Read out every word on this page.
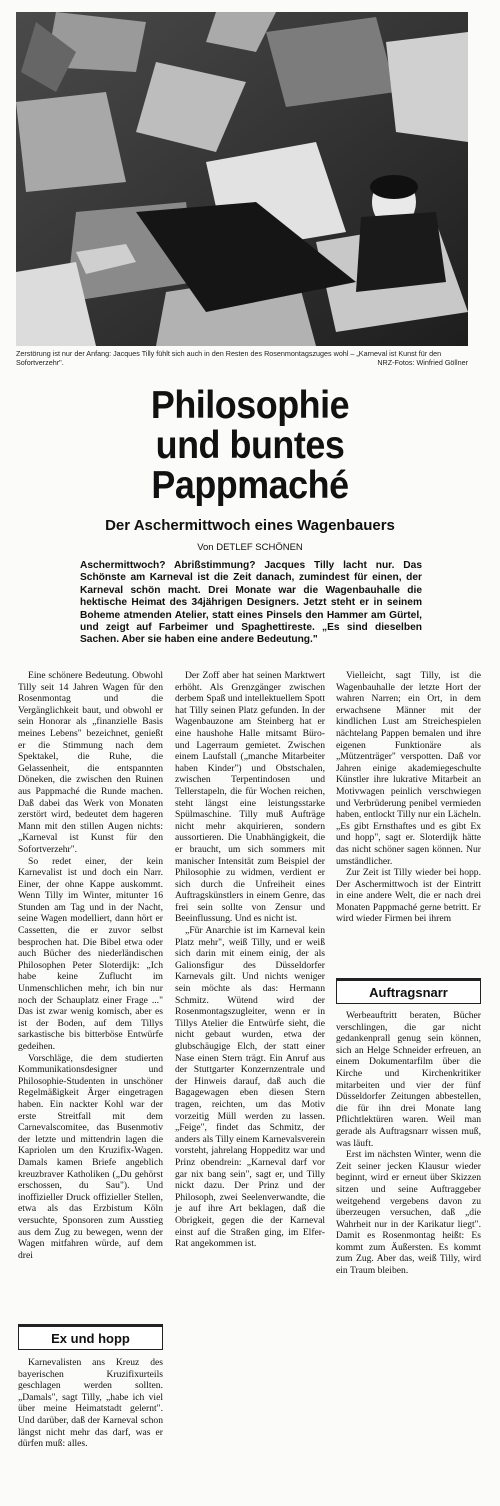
Zerstörung ist nur der Anfang: Jacques Tilly fühlt sich auch in den Resten des Rosenmontagszuges wohl – „Karneval ist Kunst für den Sofortverzehr".	NRZ-Fotos: Winfried Göllner
Philosophie
und buntes
Pappmaché
Der Aschermittwoch eines Wagenbauers
Von DETLEF SCHÖNEN
Aschermittwoch? Abrißstimmung? Jacques Tilly lacht nur. Das Schönste am Karneval ist die Zeit danach, zumindest für einen, der Karneval schön macht. Drei Monate war die Wagenbauhalle die hektische Heimat des 34jährigen Designers. Jetzt steht er in seinem Boheme atmenden Atelier, statt eines Pinsels den Hammer am Gürtel, und zeigt auf Farbeimer und Spaghettireste. „Es sind dieselben Sachen. Aber sie haben eine andere Bedeutung."

Eine schönere Bedeutung. Obwohl Tilly seit 14 Jahren Wagen für den Rosenmontag und die Vergänglichkeit baut, und obwohl er sein Honorar als „finanzielle Basis meines Lebens" bezeichnet, genießt er die Stimmung nach dem Spektakel, die Ruhe, die Gelassenheit, die entspannten Döneken, die zwischen den Ruinen aus Pappmaché die Runde machen. Daß dabei das Werk von Monaten zerstört wird, bedeutet dem hageren Mann mit den stillen Augen nichts: „Karneval ist Kunst für den Sofortverzehr".

So redet einer, der kein Karnevalist ist und doch ein Narr. Einer, der ohne Kappe auskommt. Wenn Tilly im Winter, mitunter 16 Stunden am Tag und in der Nacht, seine Wagen modelliert, dann hört er Cassetten, die er zuvor selbst besprochen hat. Die Bibel etwa oder auch Bücher des niederländischen Philosophen Peter Sloterdijk: „Ich habe keine Zuflucht im Unmenschlichen mehr, ich bin nur noch der Schauplatz einer Frage ..." Das ist zwar wenig komisch, aber es ist der Boden, auf dem Tillys sarkastische bis bitterböse Entwürfe gedeihen.

Vorschläge, die dem studierten Kommunikationsdesigner und Philosophie-Studenten in unschöner Regelmäßigkeit Ärger eingetragen haben. Ein nackter Kohl war der erste Streitfall mit dem Carnevalscomitee, das Busenmotiv der letzte und mittendrin lagen die Kapriolen um den Kruzifix-Wagen. Damals kamen Briefe angeblich kreuzbraver Katholiken („Du gehörst erschossen, du Sau"). Und inoffizieller Druck offizieller Stellen, etwa als das Erzbistum Köln versuchte, Sponsoren zum Ausstieg aus dem Zug zu bewegen, wenn der Wagen mitfahren würde, auf dem drei

Ex und hopp

Karnevalisten ans Kreuz des bayerischen Kruzifixurteils geschlagen werden sollten. „Damals", sagt Tilly, „habe ich viel über meine Heimatstadt gelernt". Und darüber, daß der Karneval schon längst nicht mehr das darf, was er dürfen muß: alles.

Der Zoff aber hat seinen Marktwert erhöht. Als Grenzgänger zwischen derbem Spaß und intellektuellem Spott hat Tilly seinen Platz gefunden. In der Wagenbauzone am Steinberg hat er eine haushohe Halle mitsamt Büro- und Lagerraum gemietet. Zwischen einem Laufstall („manche Mitarbeiter haben Kinder") und Obstschalen, zwischen Terpentindosen und Tellerstapeln, die für Wochen reichen, steht längst eine leistungsstarke Spülmaschine. Tilly muß Aufträge nicht mehr akquirieren, sondern aussortieren. Die Unabhängigkeit, die er braucht, um sich sommers mit manischer Intensität zum Beispiel der Philosophie zu widmen, verdient er sich durch die Unfreiheit eines Auftragskünstlers in einem Genre, das frei sein sollte von Zensur und Beeinflussung. Und es nicht ist.

„Für Anarchie ist im Karneval kein Platz mehr", weiß Tilly, und er weiß sich darin mit einem einig, der als Galionsfigur des Düsseldorfer Karnevals gilt. Und nichts weniger sein möchte als das: Hermann Schmitz. Wütend wird der Rosenmontagszugleiter, wenn er in Tillys Atelier die Entwürfe sieht, die nicht gebaut wurden, etwa der glubschäugige Elch, der statt einer Nase einen Stern trägt. Ein Anruf aus der Stuttgarter Konzernzentrale und der Hinweis darauf, daß auch die Bagagewagen eben diesen Stern tragen, reichten, um das Motiv vorzeitig Müll werden zu lassen. „Feige", findet das Schmitz, der anders als Tilly einem Karnevalsverein vorsteht, jahrelang Hoppeditz war und Prinz obendrein: „Karneval darf vor gar nix bang sein", sagt er, und Tilly nickt dazu. Der Prinz und der Philosoph, zwei Seelenverwandte, die je auf ihre Art beklagen, daß die Obrigkeit, gegen die der Karneval einst auf die Straßen ging, im Elfer-Rat angekommen ist.

Vielleicht, sagt Tilly, ist die Wagenbauhalle der letzte Hort der wahren Narren; ein Ort, in dem erwachsene Männer mit der kindlichen Lust am Streichespielen nächtelang Pappen bemalen und ihre eigenen Funktionäre als „Mützenträger" verspotten. Daß vor Jahren einige akademiegeschulte Künstler ihre lukrative Mitarbeit an Motivwagen peinlich verschwiegen und Verbrüderung penibel vermieden haben, entlockt Tilly nur ein Lächeln. „Es gibt Ernsthaftes und es gibt Ex und hopp", sagt er. Sloterdijk hätte das nicht schöner sagen können. Nur umständlicher.

Zur Zeit ist Tilly wieder bei hopp. Der Aschermittwoch ist der Eintritt in eine andere Welt, die er nach drei Monaten Pappmaché gerne betritt. Er wird wieder Firmen bei ihrem

Auftragsnarr

Werbeauftritt beraten, Bücher verschlingen, die gar nicht gedankenprall genug sein können, sich an Helge Schneider erfreuen, an einem Dokumentarfilm über die Kirche und Kirchenkritiker mitarbeiten und vier der fünf Düsseldorfer Zeitungen abbestellen, die für ihn drei Monate lang Pflichtlektüren waren. Weil man gerade als Auftragsnarr wissen muß, was läuft.

Erst im nächsten Winter, wenn die Zeit seiner jecken Klausur wieder beginnt, wird er erneut über Skizzen sitzen und seine Auftraggeber weitgehend vergebens davon zu überzeugen versuchen, daß „die Wahrheit nur in der Karikatur liegt". Damit es Rosenmontag heißt: Es kommt zum Äußersten. Es kommt zum Zug. Aber das, weiß Tilly, wird ein Traum bleiben.
